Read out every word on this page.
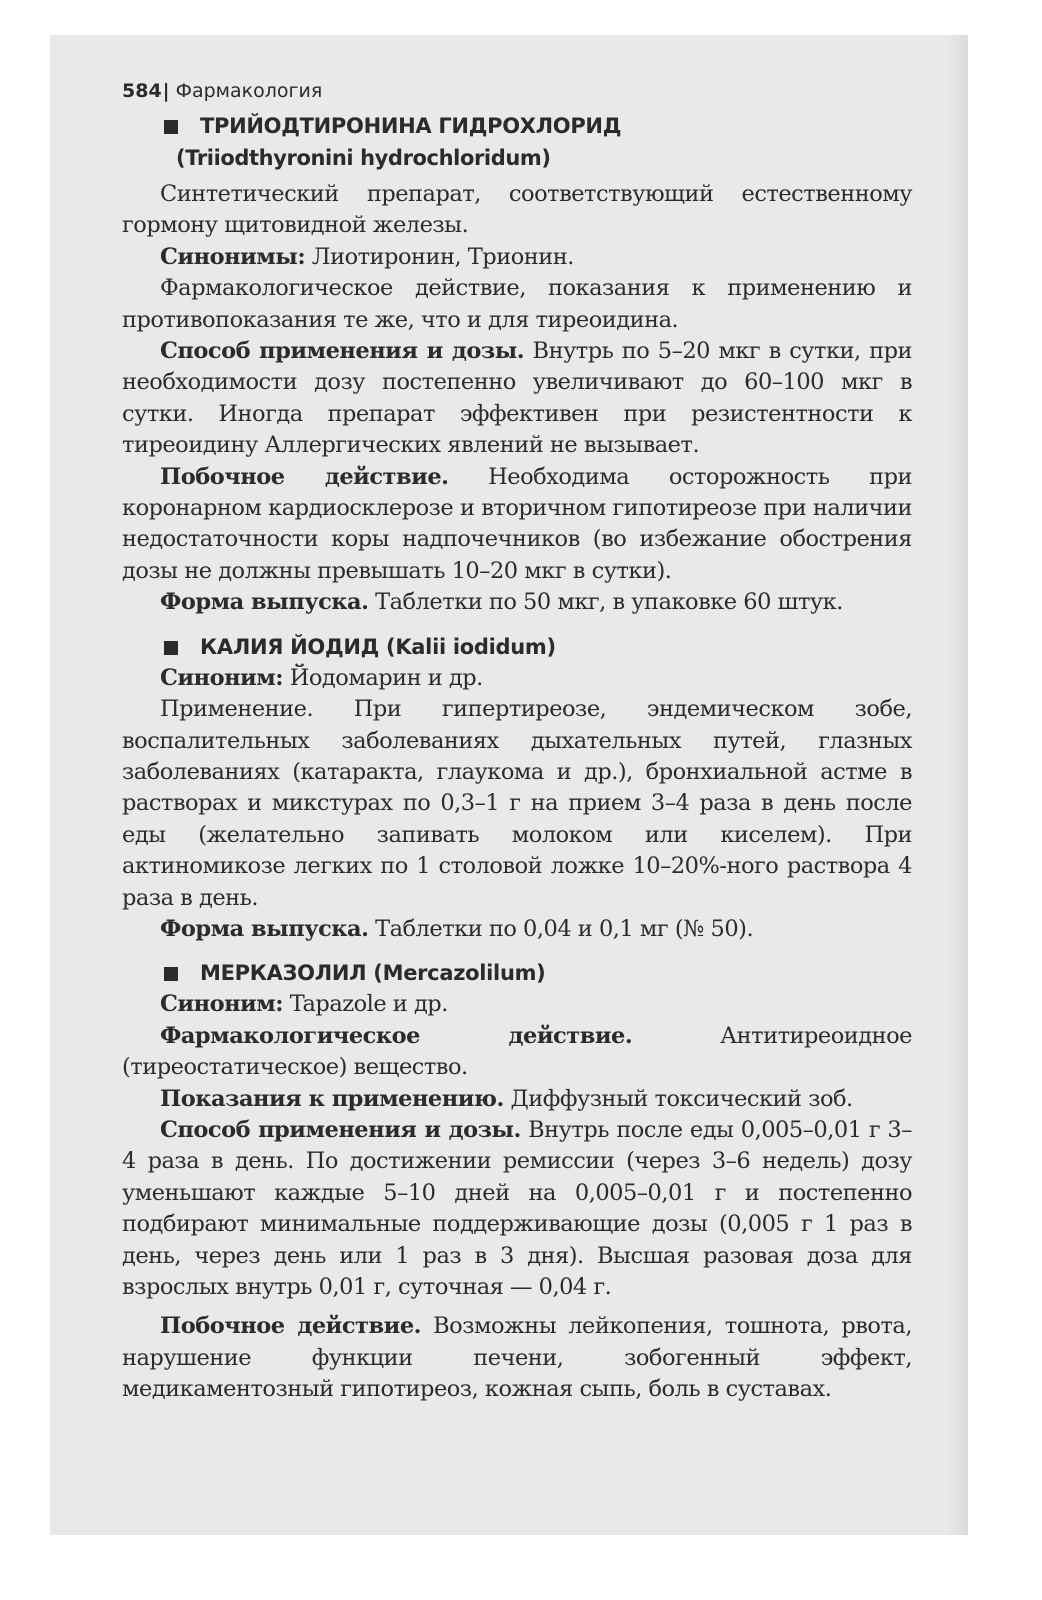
584| Фармакология
ТРИЙОДТИРОНИНА ГИДРОХЛОРИД
(Triiodthyronini hydrochloridum)

Синтетический препарат, соответствующий естественному гормону щитовидной железы.

Синонимы: Лиотиронин, Трионин.

Фармакологическое действие, показания к применению и противопоказания те же, что и для тиреоидина.

Способ применения и дозы. Внутрь по 5–20 мкг в сутки, при необходимости дозу постепенно увеличивают до 60–100 мкг в сутки. Иногда препарат эффективен при резистентности к тиреоидину Аллергических явлений не вызывает.

Побочное действие. Необходима осторожность при коронарном кардиосклерозе и вторичном гипотиреозе при наличии недостаточности коры надпочечников (во избежание обострения дозы не должны превышать 10–20 мкг в сутки).

Форма выпуска. Таблетки по 50 мкг, в упаковке 60 штук.

КАЛИЯ ЙОДИД (Kalii iodidum)

Синоним: Йодомарин и др.

Применение. При гипертиреозе, эндемическом зобе, воспалительных заболеваниях дыхательных путей, глазных заболеваниях (катаракта, глаукома и др.), бронхиальной астме в растворах и микстурах по 0,3–1 г на прием 3–4 раза в день после еды (желательно запивать молоком или киселем). При актиномикозе легких по 1 столовой ложке 10–20%-ного раствора 4 раза в день.

Форма выпуска. Таблетки по 0,04 и 0,1 мг (№ 50).

МЕРКАЗОЛИЛ (Mercazolilum)

Синоним: Tapazole и др.

Фармакологическое действие. Антитиреоидное (тиреостатическое) вещество.

Показания к применению. Диффузный токсический зоб.

Способ применения и дозы. Внутрь после еды 0,005–0,01 г 3–4 раза в день. По достижении ремиссии (через 3–6 недель) дозу уменьшают каждые 5–10 дней на 0,005–0,01 г и постепенно подбирают минимальные поддерживающие дозы (0,005 г 1 раз в день, через день или 1 раз в 3 дня). Высшая разовая доза для взрослых внутрь 0,01 г, суточная — 0,04 г.

Побочное действие. Возможны лейкопения, тошнота, рвота, нарушение функции печени, зобогенный эффект, медикаментозный гипотиреоз, кожная сыпь, боль в суставах.
